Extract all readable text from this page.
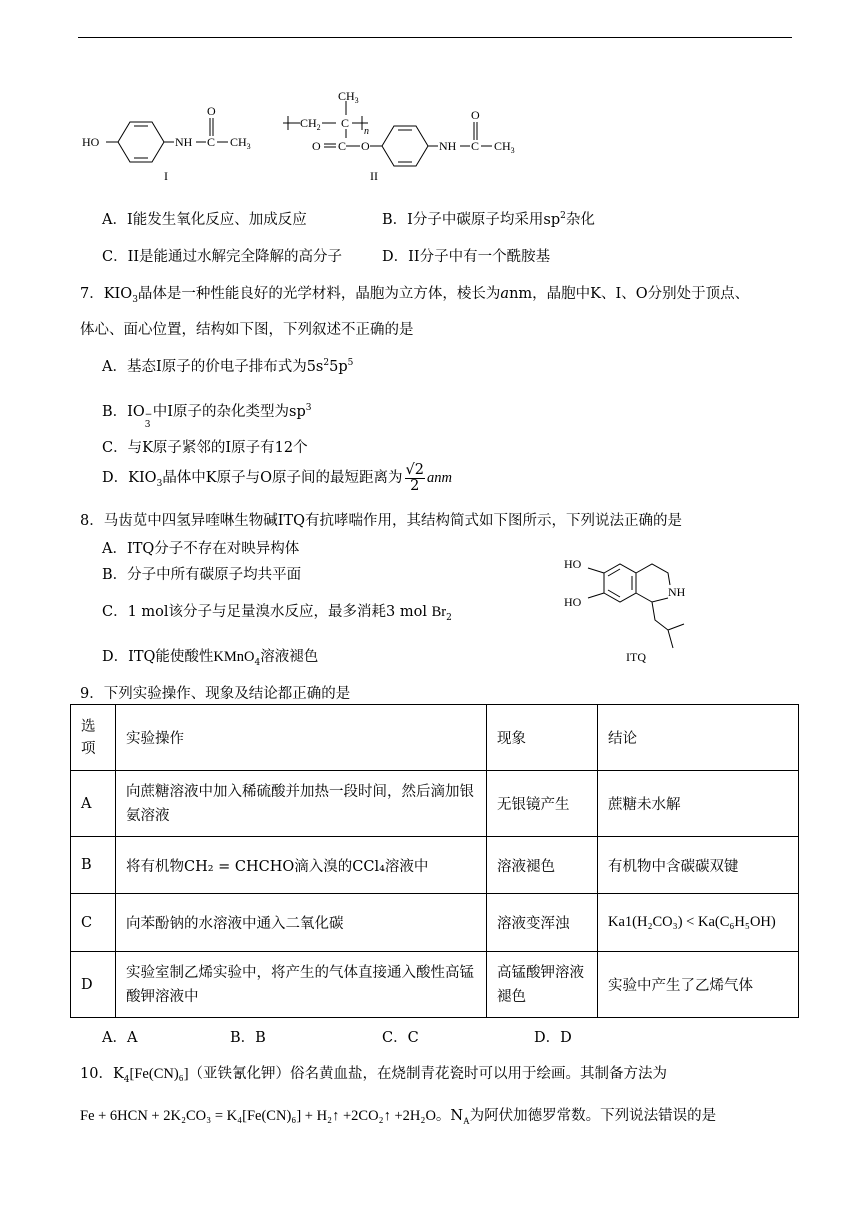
HO	NH C
O
$CH_3$
I
$CH_3$
$CH_2$ C
n
O C O	NH C
O
$CH_3$
II
A．I能发生氧化反应、加成反应	B．I分子中碳原子均采用$sp^2$杂化
C．II是能通过水解完全降解的高分子	D．II分子中有一个酰胺基
7．$KIO_3$晶体是一种性能良好的光学材料，晶胞为立方体，棱长为anm，晶胞中K、I、O分别处于顶点、
体心、面心位置，结构如下图，下列叙述不正确的是
A．基态I原子的价电子排布式为$5s^25p^5$
B．IO −
3
中I原子的杂化类型为$sp^3$
C．与K原子紧邻的I原子有12个
D．$KIO_3$晶体中K原子与O原子间的最短距离为 $\frac{√2}{2}$ anm
8．马齿苋中四氢异喹啉生物碱ITQ有抗哮喘作用，其结构简式如下图所示，下列说法正确的是
A．ITQ分子不存在对映异构体
B．分子中所有碳原子均共平面
C．1 mol该分子与足量溴水反应，最多消耗3 mol $Br_2$
D．ITQ能使酸性KMnO$_4$溶液褪色
HO
HO
NH
ITQ
9．下列实验操作、现象及结论都正确的是
选项	实验操作	现象	结论
A	向蔗糖溶液中加入稀硫酸并加热一段时间，然后滴加银氨溶液	无银镜产生	蔗糖未水解
B	将有机物CH₂ = CHCHO滴入溴的CCl₄溶液中	溶液褪色	有机物中含碳碳双键
C	向苯酚钠的水溶液中通入二氧化碳	溶液变浑浊	Ka1(H₂CO₃) < Ka(C₆H₅OH)
D	实验室制乙烯实验中，将产生的气体直接通入酸性高锰酸钾溶液中	高锰酸钾溶液褪色	实验中产生了乙烯气体
A．A	B．B	C．C	D．D
10．$K_4[Fe(CN)_6]$（亚铁氰化钾）俗名黄血盐，在烧制青花瓷时可以用于绘画。其制备方法为
Fe + 6HCN + 2K₂CO₃ = K₄[Fe(CN)₆] + H₂↑ +2CO₂↑ +2H₂O。$N_A$为阿伏加德罗常数。下列说法错误的是
